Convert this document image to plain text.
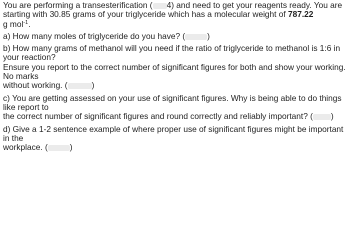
You are performing a transesterification ( 4) and need to get your reagents ready. You are
starting with 30.85 grams of your triglyceride which has a molecular weight of 787.22
g mol$^{-1}$.

a) How many moles of triglyceride do you have? (	)

b) How many grams of methanol will you need if the ratio of triglyceride to methanol is 1:6 in your reaction?
Ensure you report to the correct number of significant figures for both and show your working. No marks
without working. (	)

c) You are getting assessed on your use of significant figures. Why is being able to do things like report to
the correct number of significant figures and round correctly and reliably important? ( )

d) Give a 1-2 sentence example of where proper use of significant figures might be important in the
workplace. (	)
